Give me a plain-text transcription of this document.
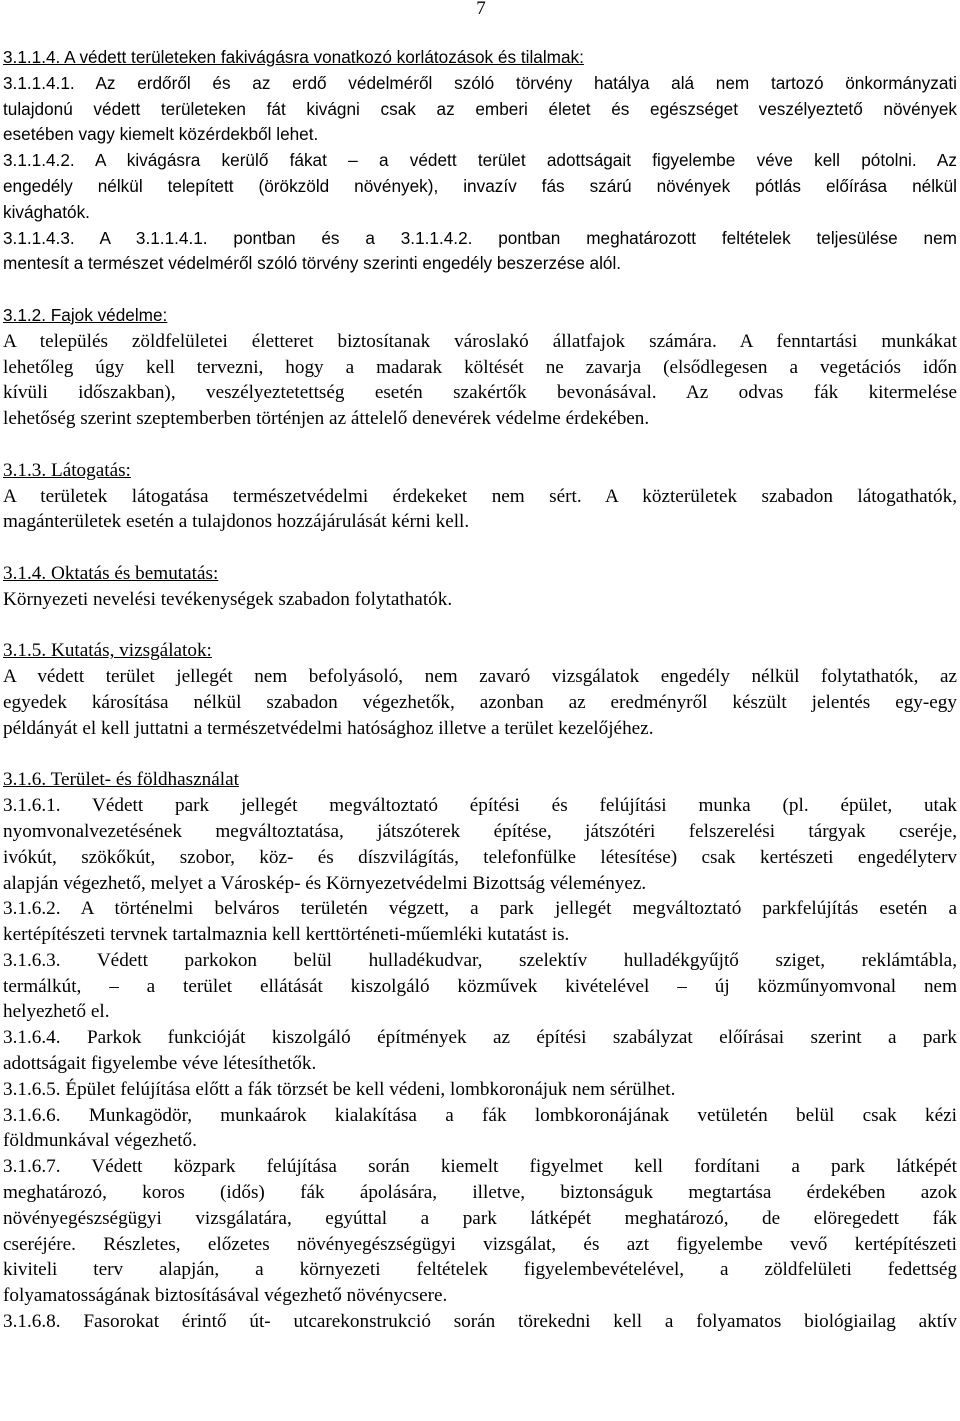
7
3.1.1.4. A védett területeken fakivágásra vonatkozó korlátozások és tilalmak:
3.1.1.4.1. Az erdőről és az erdő védelméről szóló törvény hatálya alá nem tartozó önkormányzati
tulajdonú védett területeken fát kivágni csak az emberi életet és egészséget veszélyeztető növények
esetében vagy kiemelt közérdekből lehet.
3.1.1.4.2. A kivágásra kerülő fákat – a védett terület adottságait figyelembe véve kell pótolni. Az
engedély nélkül telepített (örökzöld növények), invazív fás szárú növények pótlás előírása nélkül
kivághatók.
3.1.1.4.3. A 3.1.1.4.1. pontban és a 3.1.1.4.2. pontban meghatározott feltételek teljesülése nem
mentesít a természet védelméről szóló törvény szerinti engedély beszerzése alól.
3.1.2. Fajok védelme:
A település zöldfelületei életteret biztosítanak városlakó állatfajok számára. A fenntartási munkákat
lehetőleg úgy kell tervezni, hogy a madarak költését ne zavarja (elsődlegesen a vegetációs időn
kívüli időszakban), veszélyeztetettség esetén szakértők bevonásával. Az odvas fák kitermelése
lehetőség szerint szeptemberben történjen az áttelelő denevérek védelme érdekében.
3.1.3. Látogatás:
A területek látogatása természetvédelmi érdekeket nem sért. A közterületek szabadon látogathatók,
magánterületek esetén a tulajdonos hozzájárulását kérni kell.
3.1.4. Oktatás és bemutatás:
Környezeti nevelési tevékenységek szabadon folytathatók.
3.1.5. Kutatás, vizsgálatok:
A védett terület jellegét nem befolyásoló, nem zavaró vizsgálatok engedély nélkül folytathatók, az
egyedek károsítása nélkül szabadon végezhetők, azonban az eredményről készült jelentés egy-egy
példányát el kell juttatni a természetvédelmi hatósághoz illetve a terület kezelőjéhez.
3.1.6. Terület- és földhasználat
3.1.6.1. Védett park jellegét megváltoztató építési és felújítási munka (pl. épület, utak
nyomvonalvezetésének megváltoztatása, játszóterek építése, játszótéri felszerelési tárgyak cseréje,
ivókút, szökőkút, szobor, köz- és díszvilágítás, telefonfülke létesítése) csak kertészeti engedélyterv
alapján végezhető, melyet a Városkép- és Környezetvédelmi Bizottság véleményez.
3.1.6.2. A történelmi belváros területén végzett, a park jellegét megváltoztató parkfelújítás esetén a
kertépítészeti tervnek tartalmaznia kell kerttörténeti-műemléki kutatást is.
3.1.6.3. Védett parkokon belül hulladékudvar, szelektív hulladékgyűjtő sziget, reklámtábla,
termálkút, – a terület ellátását kiszolgáló közművek kivételével – új közműnyomvonal nem
helyezhető el.
3.1.6.4. Parkok funkcióját kiszolgáló építmények az építési szabályzat előírásai szerint a park
adottságait figyelembe véve létesíthetők.
3.1.6.5. Épület felújítása előtt a fák törzsét be kell védeni, lombkoronájuk nem sérülhet.
3.1.6.6. Munkagödör, munkaárok kialakítása a fák lombkoronájának vetületén belül csak kézi
földmunkával végezhető.
3.1.6.7. Védett közpark felújítása során kiemelt figyelmet kell fordítani a park látképét
meghatározó, koros (idős) fák ápolására, illetve, biztonságuk megtartása érdekében azok
növényegészségügyi vizsgálatára, egyúttal a park látképét meghatározó, de elöregedett fák
cseréjére. Részletes, előzetes növényegészségügyi vizsgálat, és azt figyelembe vevő kertépítészeti
kiviteli terv alapján, a környezeti feltételek figyelembevételével, a zöldfelületi fedettség
folyamatosságának biztosításával végezhető növénycsere.
3.1.6.8. Fasorokat érintő út- utcarekonstrukció során törekedni kell a folyamatos biológiailag aktív
